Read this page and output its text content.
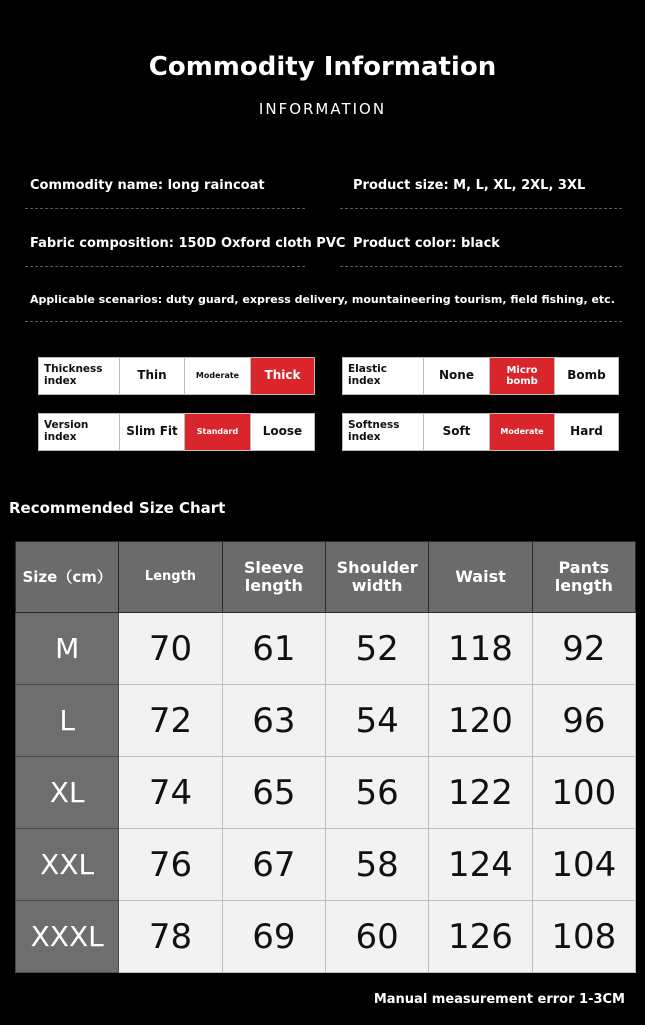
Commodity Information
INFORMATION
Commodity name: long raincoat	Product size: M, L, XL, 2XL, 3XL
Fabric composition: 150D Oxford cloth PVC Product color: black
Applicable scenarios: duty guard, express delivery, mountaineering tourism, field fishing, etc.
Thickness index	Thin	Moderate	Thick	Elastic index	None	Micro bomb	Bomb
Version index	Slim Fit	Standard	Loose	Softness index	Soft	Moderate	Hard
Recommended Size Chart
Size（cm）	Length	Sleeve length	Shoulder width	Waist	Pants length
M	70	61	52	118	92
L	72	63	54	120	96
XL	74	65	56	122	100
XXL	76	67	58	124	104
XXXL	78	69	60	126	108
Manual measurement error 1-3CM
